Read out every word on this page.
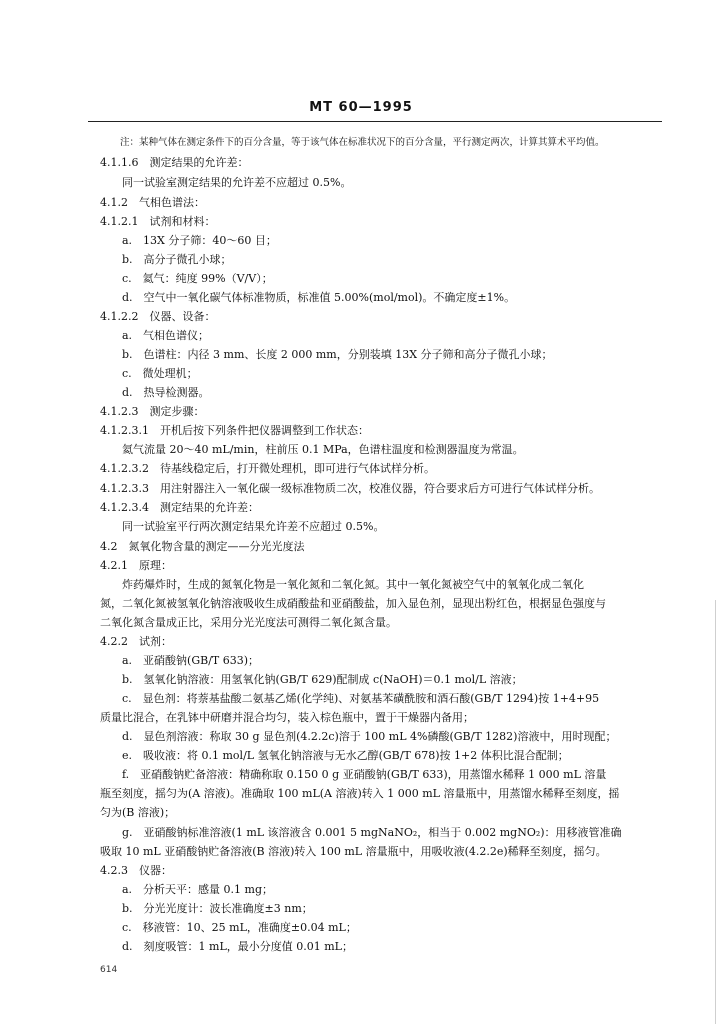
MT 60—1995
注：某种气体在测定条件下的百分含量，等于该气体在标准状况下的百分含量，平行测定两次，计算其算术平均值。
4.1.1.6　测定结果的允许差：
同一试验室测定结果的允许差不应超过 0.5%。
4.1.2　气相色谱法：
4.1.2.1　试剂和材料：
a.　13X 分子筛：40～60 目；
b.　高分子微孔小球；
c.　氦气：纯度 99%（V/V）；
d.　空气中一氧化碳气体标准物质，标准值 5.00%(mol/mol)。不确定度±1%。
4.1.2.2　仪器、设备：
a.　气相色谱仪；
b.　色谱柱：内径 3 mm、长度 2 000 mm，分别装填 13X 分子筛和高分子微孔小球；
c.　微处理机；
d.　热导检测器。
4.1.2.3　测定步骤：
4.1.2.3.1　开机后按下列条件把仪器调整到工作状态：
氦气流量 20～40 mL/min，柱前压 0.1 MPa，色谱柱温度和检测器温度为常温。
4.1.2.3.2　待基线稳定后，打开微处理机，即可进行气体试样分析。
4.1.2.3.3　用注射器注入一氧化碳一级标准物质二次，校准仪器，符合要求后方可进行气体试样分析。
4.1.2.3.4　测定结果的允许差：
同一试验室平行两次测定结果允许差不应超过 0.5%。
4.2　氮氧化物含量的测定——分光光度法
4.2.1　原理：
炸药爆炸时，生成的氮氧化物是一氧化氮和二氧化氮。其中一氧化氮被空气中的氧氧化成二氧化
氮，二氧化氮被氢氧化钠溶液吸收生成硝酸盐和亚硝酸盐，加入显色剂，显现出粉红色，根据显色强度与
二氧化氮含量成正比，采用分光光度法可测得二氧化氮含量。
4.2.2　试剂：
a.　亚硝酸钠(GB/T 633)；
b.　氢氧化钠溶液：用氢氧化钠(GB/T 629)配制成 c(NaOH)＝0.1 mol/L 溶液；
c.　显色剂：将萘基盐酸二氨基乙烯(化学纯)、对氨基苯磺酰胺和酒石酸(GB/T 1294)按 1+4+95
质量比混合，在乳钵中研磨并混合均匀，装入棕色瓶中，置于干燥器内备用；
d.　显色剂溶液：称取 30 g 显色剂(4.2.2c)溶于 100 mL 4%磷酸(GB/T 1282)溶液中，用时现配；
e.　吸收液：将 0.1 mol/L 氢氧化钠溶液与无水乙醇(GB/T 678)按 1+2 体积比混合配制；
f.　亚硝酸钠贮备溶液：精确称取 0.150 0 g 亚硝酸钠(GB/T 633)，用蒸馏水稀释 1 000 mL 溶量
瓶至刻度，摇匀为(A 溶液)。准确取 100 mL(A 溶液)转入 1 000 mL 溶量瓶中，用蒸馏水稀释至刻度，摇
匀为(B 溶液)；
g.　亚硝酸钠标准溶液(1 mL 该溶液含 0.001 5 mgNaNO₂，相当于 0.002 mgNO₂)：用移液管准确
吸取 10 mL 亚硝酸钠贮备溶液(B 溶液)转入 100 mL 溶量瓶中，用吸收液(4.2.2e)稀释至刻度，摇匀。
4.2.3　仪器：
a.　分析天平：感量 0.1 mg；
b.　分光光度计：波长准确度±3 nm；
c.　移液管：10、25 mL，准确度±0.04 mL；
d.　刻度吸管：1 mL，最小分度值 0.01 mL；
614
